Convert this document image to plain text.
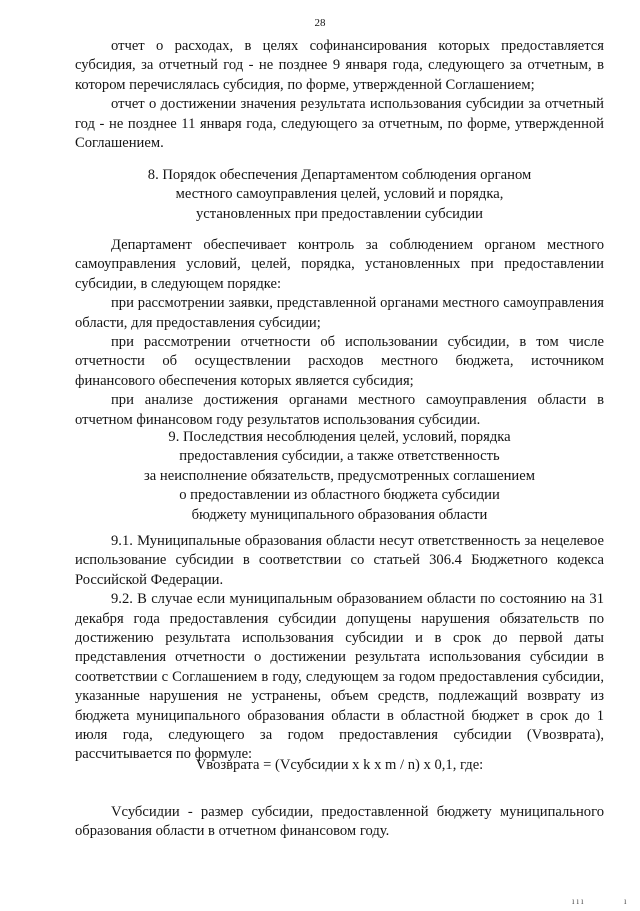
28

отчет о расходах, в целях софинансирования которых предоставляется субсидия, за отчетный год - не позднее 9 января года, следующего за отчетным, в котором перечислялась субсидия, по форме, утвержденной Соглашением;

отчет о достижении значения результата использования субсидии за отчетный год - не позднее 11 января года, следующего за отчетным, по форме, утвержденной Соглашением.

8. Порядок обеспечения Департаментом соблюдения органом

местного самоуправления целей, условий и порядка,

установленных при предоставлении субсидии

Департамент обеспечивает контроль за соблюдением органом местного самоуправления условий, целей, порядка, установленных при предоставлении субсидии, в следующем порядке:

при рассмотрении заявки, представленной органами местного самоуправления области, для предоставления субсидии;

при рассмотрении отчетности об использовании субсидии, в том числе отчетности об осуществлении расходов местного бюджета, источником финансового обеспечения которых является субсидия;

при анализе достижения органами местного самоуправления области в отчетном финансовом году результатов использования субсидии.

9. Последствия несоблюдения целей, условий, порядка

предоставления субсидии, а также ответственность

за неисполнение обязательств, предусмотренных соглашением

о предоставлении из областного бюджета субсидии

бюджету муниципального образования области

9.1. Муниципальные образования области несут ответственность за нецелевое использование субсидии в соответствии со статьей 306.4 Бюджетного кодекса Российской Федерации.

9.2. В случае если муниципальным образованием области по состоянию на 31 декабря года предоставления субсидии допущены нарушения обязательств по достижению результата использования субсидии и в срок до первой даты представления отчетности о достижении результата использования субсидии в соответствии с Соглашением в году, следующем за годом предоставления субсидии, указанные нарушения не устранены, объем средств, подлежащий возврату из бюджета муниципального образования области в областной бюджет в срок до 1 июля года, следующего за годом предоставления субсидии (Vвозврата), рассчитывается по формуле:

Vвозврата = (Vсубсидии x k x m / n) x 0,1, где:

Vсубсидии - размер субсидии, предоставленной бюджету муниципального образования области в отчетном финансовом году.

ııı	ı
